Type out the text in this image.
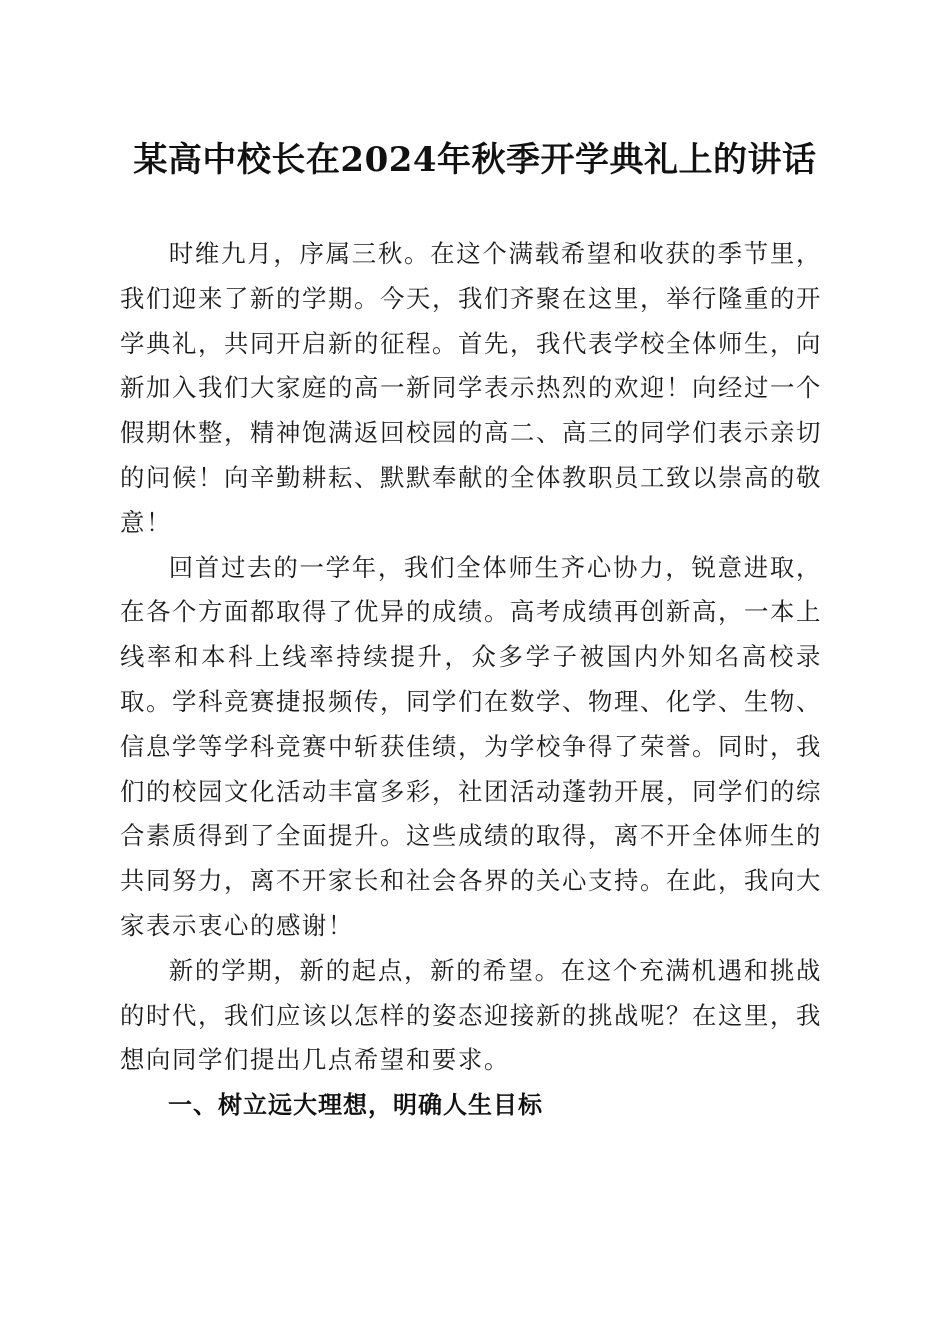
某高中校长在2024年秋季开学典礼上的讲话

时维九月，序属三秋。在这个满载希望和收获的季节里，我们迎来了新的学期。今天，我们齐聚在这里，举行隆重的开学典礼，共同开启新的征程。首先，我代表学校全体师生，向新加入我们大家庭的高一新同学表示热烈的欢迎！向经过一个假期休整，精神饱满返回校园的高二、高三的同学们表示亲切的问候！向辛勤耕耘、默默奉献的全体教职员工致以崇高的敬意！

回首过去的一学年，我们全体师生齐心协力，锐意进取，在各个方面都取得了优异的成绩。高考成绩再创新高，一本上线率和本科上线率持续提升，众多学子被国内外知名高校录取。学科竞赛捷报频传，同学们在数学、物理、化学、生物、信息学等学科竞赛中斩获佳绩，为学校争得了荣誉。同时，我们的校园文化活动丰富多彩，社团活动蓬勃开展，同学们的综合素质得到了全面提升。这些成绩的取得，离不开全体师生的共同努力，离不开家长和社会各界的关心支持。在此，我向大家表示衷心的感谢！

新的学期，新的起点，新的希望。在这个充满机遇和挑战的时代，我们应该以怎样的姿态迎接新的挑战呢？在这里，我想向同学们提出几点希望和要求。

一、树立远大理想，明确人生目标
